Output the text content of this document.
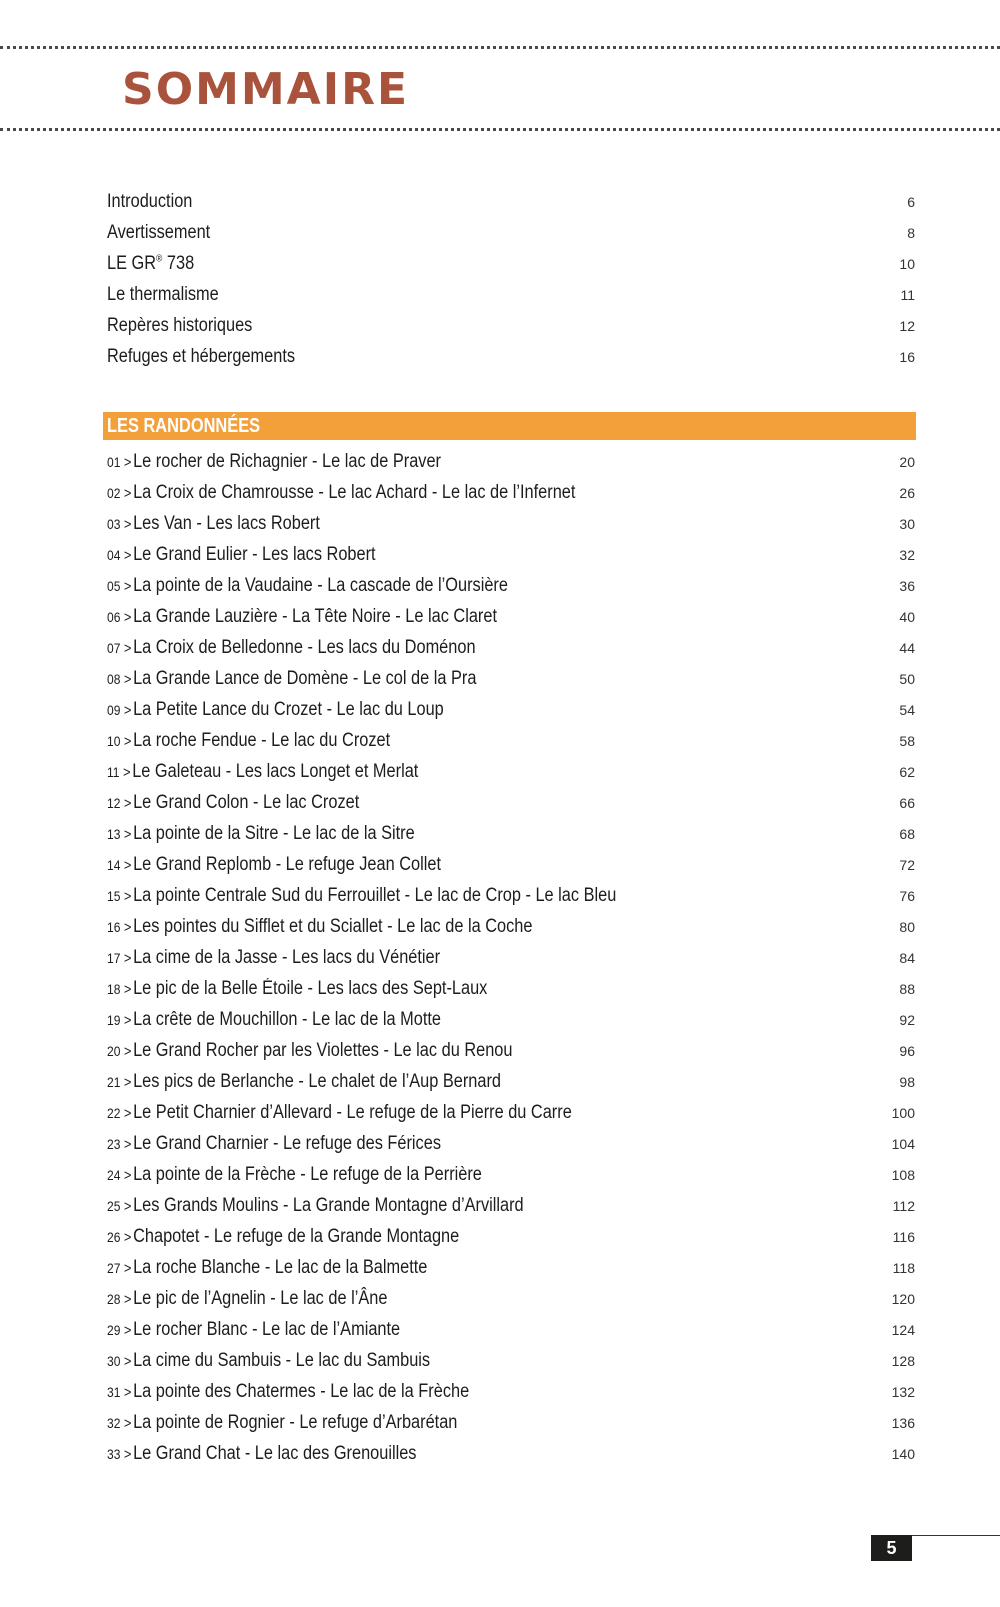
SOMMAIRE
Introduction	6
Avertissement	8
LE GR® 738	10
Le thermalisme	11
Repères historiques	12
Refuges et hébergements	16
LES RANDONNÉES
01 >Le rocher de Richagnier - Le lac de Praver	20
02 >La Croix de Chamrousse - Le lac Achard - Le lac de l’Infernet	26
03 >Les Van - Les lacs Robert	30
04 >Le Grand Eulier - Les lacs Robert	32
05 >La pointe de la Vaudaine - La cascade de l’Oursière	36
06 >La Grande Lauzière - La Tête Noire - Le lac Claret	40
07 >La Croix de Belledonne - Les lacs du Doménon	44
08 >La Grande Lance de Domène - Le col de la Pra	50
09 >La Petite Lance du Crozet - Le lac du Loup	54
10 >La roche Fendue - Le lac du Crozet	58
11 >Le Galeteau - Les lacs Longet et Merlat	62
12 >Le Grand Colon - Le lac Crozet	66
13 >La pointe de la Sitre - Le lac de la Sitre	68
14 >Le Grand Replomb - Le refuge Jean Collet	72
15 >La pointe Centrale Sud du Ferrouillet - Le lac de Crop - Le lac Bleu	76
16 >Les pointes du Sifflet et du Sciallet - Le lac de la Coche	80
17 >La cime de la Jasse - Les lacs du Vénétier	84
18 >Le pic de la Belle Étoile - Les lacs des Sept-Laux	88
19 >La crête de Mouchillon - Le lac de la Motte	92
20 >Le Grand Rocher par les Violettes - Le lac du Renou	96
21 >Les pics de Berlanche - Le chalet de l’Aup Bernard	98
22 >Le Petit Charnier d’Allevard - Le refuge de la Pierre du Carre	100
23 >Le Grand Charnier - Le refuge des Férices	104
24 >La pointe de la Frèche - Le refuge de la Perrière	108
25 >Les Grands Moulins - La Grande Montagne d’Arvillard	112
26 >Chapotet - Le refuge de la Grande Montagne	116
27 >La roche Blanche - Le lac de la Balmette	118
28 >Le pic de l’Agnelin - Le lac de l’Âne	120
29 >Le rocher Blanc - Le lac de l’Amiante	124
30 >La cime du Sambuis - Le lac du Sambuis	128
31 >La pointe des Chatermes - Le lac de la Frèche	132
32 >La pointe de Rognier - Le refuge d’Arbarétan	136
33 >Le Grand Chat - Le lac des Grenouilles	140
5
